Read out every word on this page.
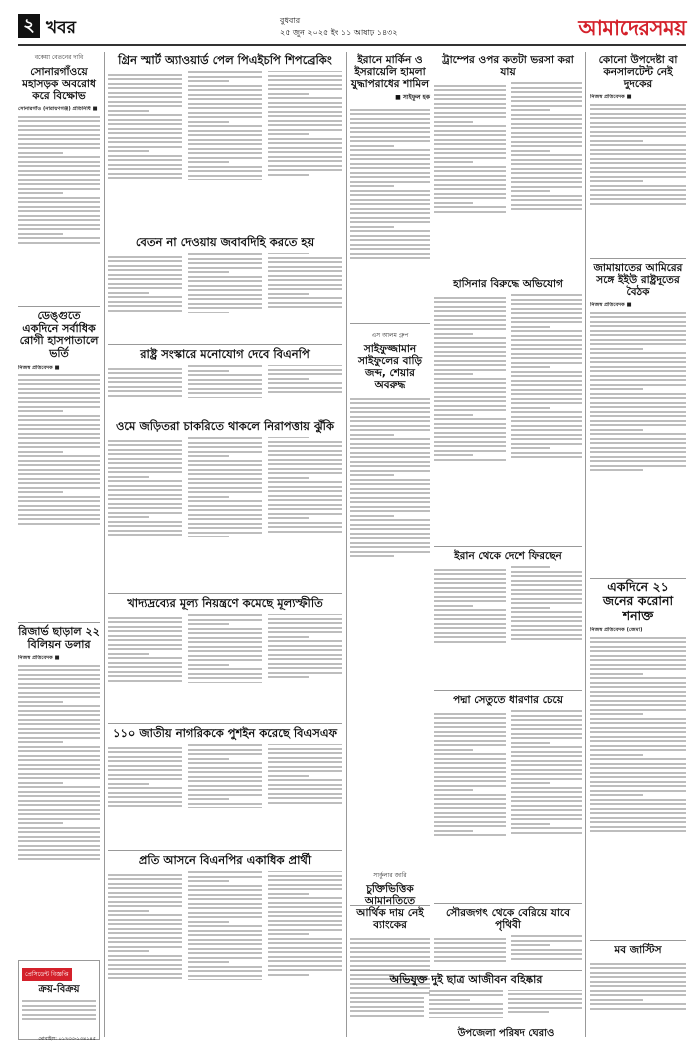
২ খবর	বুধবার
২৫ জুন ২০২৫ ইং ১১ আষাঢ় ১৪৩২	আমাদেরসময়
বকেয়া বেতনের দাবি
সোনারগাঁওয়ে মহাসড়ক অবরোধ করে বিক্ষোভ
সোনারগাঁও (নারায়ণগঞ্জ) প্রতিনিধি ■
ডেঙ্গুতে একদিনে সর্বাধিক রোগী হাসপাতালে ভর্তি
নিজস্ব প্রতিবেদক ■
রিজার্ভ ছাড়াল ২২ বিলিয়ন ডলার
নিজস্ব প্রতিবেদক ■
প্রেসিডেন্ট বিজ্ঞপ্তি
ক্রয়-বিক্রয়
মোবাইল: ০১৭৩৩-১৩৪১৪৫
গ্রিন স্মার্ট অ্যাওয়ার্ড পেল পিএইচপি শিপব্রেকিং
বেতন না দেওয়ায় জবাবদিহি করতে হয়
রাষ্ট্র সংস্কারে মনোযোগ দেবে বিএনপি
ওমে জড়িতরা চাকরিতে থাকলে নিরাপত্তায় ঝুঁকি
খাদ্যদ্রব্যের মূল্য নিয়ন্ত্রণে কমেছে মূল্যস্ফীতি
১১০ জাতীয় নাগরিককে পুশইন করেছে বিএসএফ
প্রতি আসনে বিএনপির একাধিক প্রার্থী
ইরানে মার্কিন ও ইসরায়েলি হামলা যুদ্ধাপরাধের শামিল
■ সাইফুল হক
ট্রাম্পের ওপর কতটা ভরসা করা যায়
হাসিনার বিরুদ্ধে অভিযোগ
এস আলম গ্রুপ
সাইফুজ্জামান সাইফুলের বাড়ি জব্দ, শেয়ার অবরুদ্ধ
ইরান থেকে দেশে ফিরছেন
পদ্মা সেতুতে ধারণার চেয়ে
সার্কুলার জারি
চুক্তিভিত্তিক আমানতিতে আর্থিক দায় নেই ব্যাংকের
সৌরজগৎ থেকে বেরিয়ে যাবে পৃথিবী
অভিযুক্ত দুই ছাত্র আজীবন বহিষ্কার
উপজেলা পরিষদ ঘেরাও
কোনো উপদেষ্টা বা কনসালটেন্ট নেই দুদকের
নিজস্ব প্রতিবেদক ■
জামায়াতের আমিরের সঙ্গে ইইউ রাষ্ট্রদূতের বৈঠক
নিজস্ব প্রতিবেদক ■
একদিনে ২১ জনের করোনা শনাক্ত
নিজস্ব প্রতিবেদক (জেমা)
মব জাস্টিস
